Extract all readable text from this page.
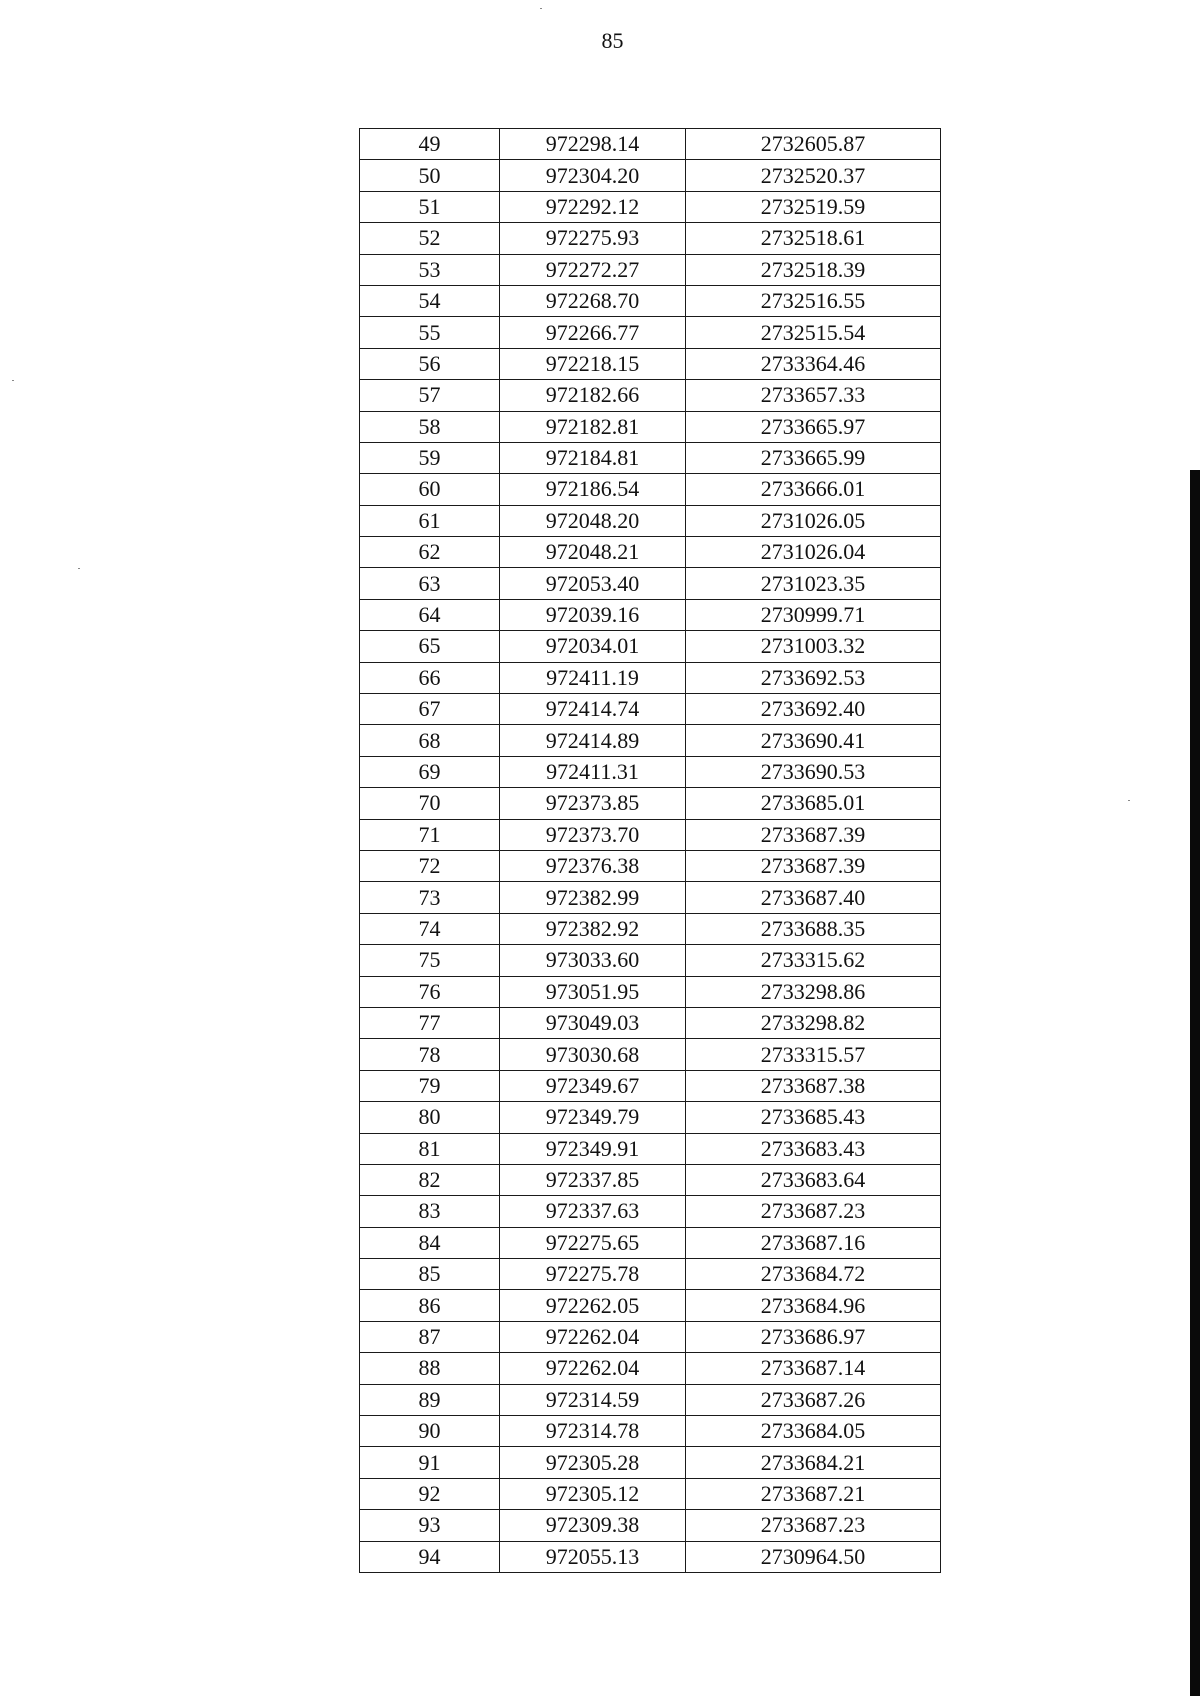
85
49	972298.14	2732605.87
50	972304.20	2732520.37
51	972292.12	2732519.59
52	972275.93	2732518.61
53	972272.27	2732518.39
54	972268.70	2732516.55
55	972266.77	2732515.54
56	972218.15	2733364.46
57	972182.66	2733657.33
58	972182.81	2733665.97
59	972184.81	2733665.99
60	972186.54	2733666.01
61	972048.20	2731026.05
62	972048.21	2731026.04
63	972053.40	2731023.35
64	972039.16	2730999.71
65	972034.01	2731003.32
66	972411.19	2733692.53
67	972414.74	2733692.40
68	972414.89	2733690.41
69	972411.31	2733690.53
70	972373.85	2733685.01
71	972373.70	2733687.39
72	972376.38	2733687.39
73	972382.99	2733687.40
74	972382.92	2733688.35
75	973033.60	2733315.62
76	973051.95	2733298.86
77	973049.03	2733298.82
78	973030.68	2733315.57
79	972349.67	2733687.38
80	972349.79	2733685.43
81	972349.91	2733683.43
82	972337.85	2733683.64
83	972337.63	2733687.23
84	972275.65	2733687.16
85	972275.78	2733684.72
86	972262.05	2733684.96
87	972262.04	2733686.97
88	972262.04	2733687.14
89	972314.59	2733687.26
90	972314.78	2733684.05
91	972305.28	2733684.21
92	972305.12	2733687.21
93	972309.38	2733687.23
94	972055.13	2730964.50
